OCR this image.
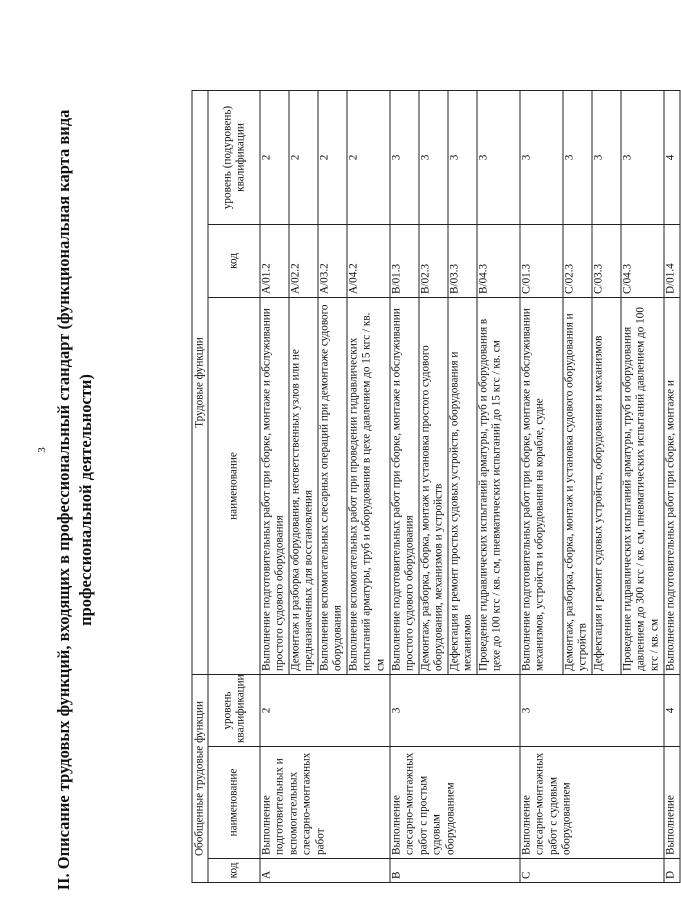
3 II. Описание трудовых функций, входящих в профессиональный стандарт (функциональная карта вида профессиональной деятельности)
Обобщенные трудовые функции			Трудовые функции		
код	наименование	уровень квалификации	наименование	код	уровень (подуровень) квалификации
A	Выполнение подготовительных и вспомогательных слесарно-монтажных работ	2	Выполнение подготовительных работ при сборке, монтаже и обслуживании простого судового оборудования	A/01.2	2
			Демонтаж и разборка оборудования, неответственных узлов или не предназначенных для восстановления	A/02.2	2
			Выполнение вспомогательных слесарных операций при демонтаже судового оборудования	A/03.2	2
			Выполнение вспомогательных работ при проведении гидравлических испытаний арматуры, труб и оборудования в цехе давлением до 15 кгс / кв. см	A/04.2	2
B	Выполнение слесарно-монтажных работ с простым судовым оборудованием	3	Выполнение подготовительных работ при сборке, монтаже и обслуживании простого судового оборудования	B/01.3	3
			Демонтаж, разборка, сборка, монтаж и установка простого судового оборудования, механизмов и устройств	B/02.3	3
			Дефектация и ремонт простых судовых устройств, оборудования и механизмов	B/03.3	3
			Проведение гидравлических испытаний арматуры, труб и оборудования в цехе до 100 кгс / кв. см, пневматических испытаний до 15 кгс / кв. см	B/04.3	3
C	Выполнение слесарно-монтажных работ с судовым оборудованием	3	Выполнение подготовительных работ при сборке, монтаже и обслуживании механизмов, устройств и оборудования на корабле, судне	C/01.3	3
			Демонтаж, разборка, сборка, монтаж и установка судового оборудования и устройств	C/02.3	3
			Дефектация и ремонт судовых устройств, оборудования и механизмов	C/03.3	3
			Проведение гидравлических испытаний арматуры, труб и оборудования давлением до 300 кгс / кв. см, пневматических испытаний давлением до 100 кгс / кв. см	C/04.3	3
D	Выполнение	4	Выполнение подготовительных работ при сборке, монтаже и	D/01.4	4
